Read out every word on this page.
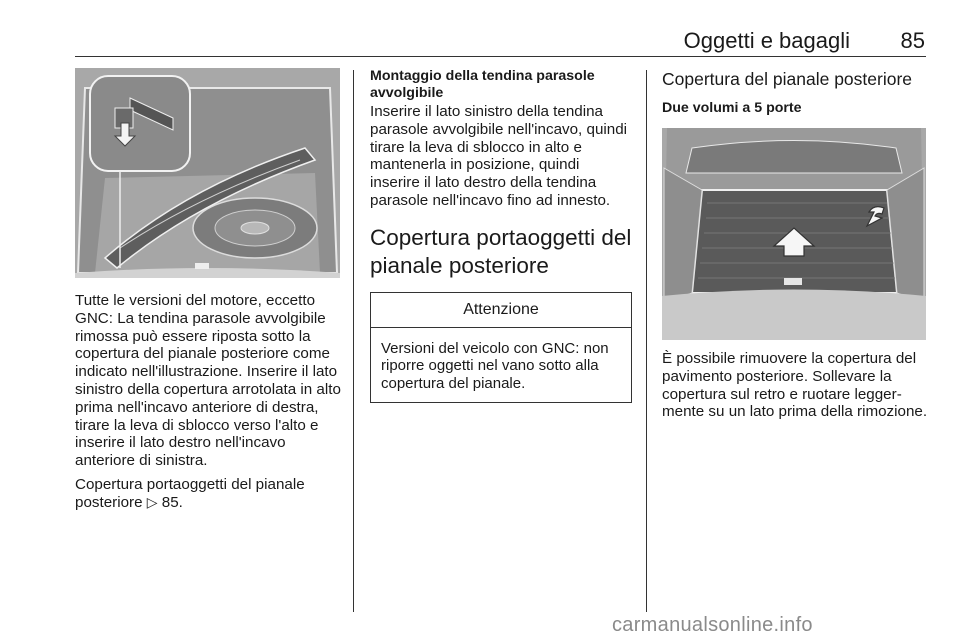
Oggetti e bagagli	85

Tutte le versioni del motore, eccetto GNC: La tendina parasole avvolgibile rimossa può essere riposta sotto la copertura del pianale posteriore come indicato nell'illustrazione. Inserire il lato sinistro della copertura arrotolata in alto prima nell'incavo anteriore di destra, tirare la leva di sblocco verso l'alto e inserire il lato destro nell'incavo anteriore di sinistra.

Copertura portaoggetti del pianale posteriore ▷ 85.

Montaggio della tendina parasole avvolgibile

Inserire il lato sinistro della tendina parasole avvolgibile nell'incavo, quindi tirare la leva di sblocco in alto e mantenerla in posizione, quindi inserire il lato destro della tendina parasole nell'incavo fino ad innesto.

Copertura portaoggetti del pianale posteriore
Attenzione
Versioni del veicolo con GNC: non riporre oggetti nel vano sotto alla copertura del pianale.
Copertura del pianale posteriore

Due volumi a 5 porte

È possibile rimuovere la copertura del pavimento posteriore. Sollevare la copertura sul retro e ruotare leggermente su un lato prima della rimozione.

carmanualsonline.info
